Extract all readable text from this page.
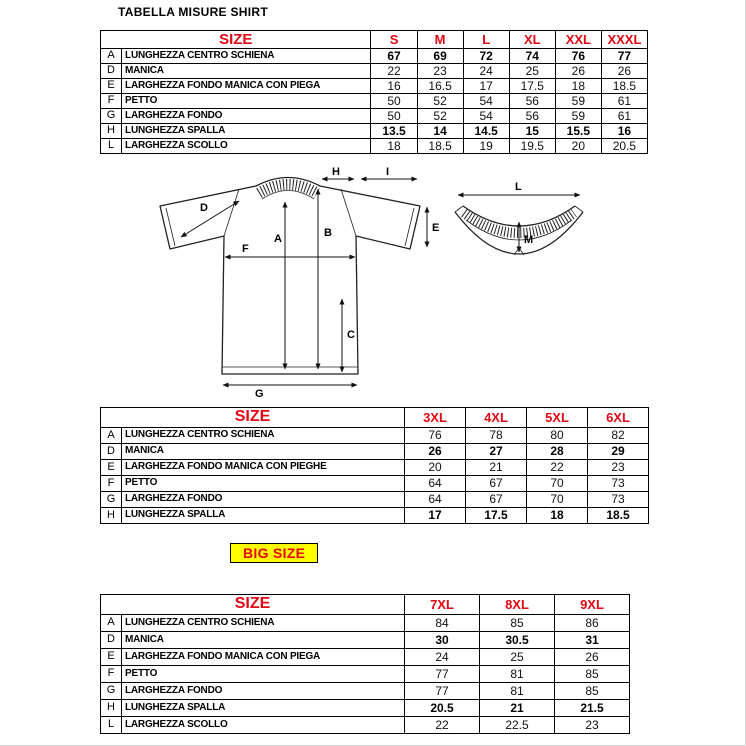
TABELLA MISURE SHIRT
SIZE		S	M	L	XL	XXL	XXXL
A	LUNGHEZZA CENTRO SCHIENA	67	69	72	74	76	77
D	MANICA	22	23	24	25	26	26
E	LARGHEZZA FONDO MANICA CON PIEGA	16	16.5	17	17.5	18	18.5
F	PETTO	50	52	54	56	59	61
G	LARGHEZZA FONDO	50	52	54	56	59	61
H	LUNGHEZZA SPALLA	13.5	14	14.5	15	15.5	16
L	LARGHEZZA SCOLLO	18	18.5	19	19.5	20	20.5
A	B
C
D
E
F
G
H	I
L
M
SIZE		3XL	4XL	5XL	6XL
A	LUNGHEZZA CENTRO SCHIENA	76	78	80	82
D	MANICA	26	27	28	29
E	LARGHEZZA FONDO MANICA CON PIEGHE	20	21	22	23
F	PETTO	64	67	70	73
G	LARGHEZZA FONDO	64	67	70	73
H	LUNGHEZZA SPALLA	17	17.5	18	18.5
BIG SIZE
SIZE		7XL	8XL	9XL
A	LUNGHEZZA CENTRO SCHIENA	84	85	86
D	MANICA	30	30.5	31
E	LARGHEZZA FONDO MANICA CON PIEGA	24	25	26
F	PETTO	77	81	85
G	LARGHEZZA FONDO	77	81	85
H	LUNGHEZZA SPALLA	20.5	21	21.5
L	LARGHEZZA SCOLLO	22	22.5	23
